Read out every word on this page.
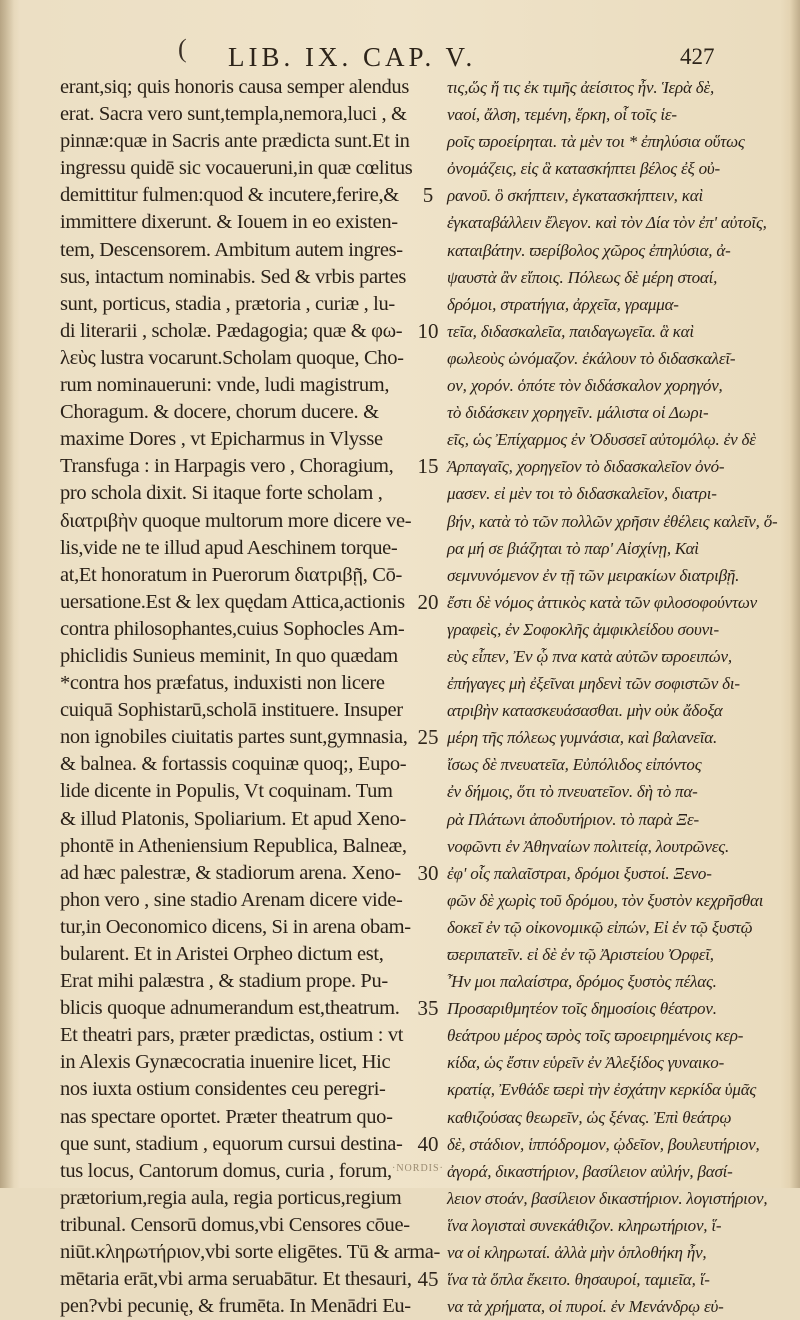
( LIB. IX. CAP. V.	427
erant,siq; quis honoris causa semper alendus
erat. Sacra vero sunt,templa,nemora,luci , &
pinnæ:quæ in Sacris ante prædicta sunt.Et in
ingressu quidē sic vocaueruni,in quæ cœlitus
demittitur fulmen:quod & incutere,ferire,&
immittere dixerunt. & Iouem in eo existen-
tem, Descensorem. Ambitum autem ingres-
sus, intactum nominabis. Sed & vrbis partes
sunt, porticus, stadia , prætoria , curiæ , lu-
di literarii , scholæ. Pædagogia; quæ & φω-
λεὺς lustra vocarunt.Scholam quoque, Cho-
rum nominaueruni: vnde, ludi magistrum,
Choragum. & docere, chorum ducere. &
maxime Dores , vt Epicharmus in Vlysse
Transfuga : in Harpagis vero , Choragium,
pro schola dixit. Si itaque forte scholam ,
διατριβὴν quoque multorum more dicere ve-
lis,vide ne te illud apud Aeschinem torque-
at,Et honoratum in Puerorum διατριβῇ, Cō-
uersatione.Est & lex quędam Attica,actionis
contra philosophantes,cuius Sophocles Am-
phiclidis Sunieus meminit, In quo quædam
*contra hos præfatus, induxisti non licere
cuiquā Sophistarū,scholā instituere. Insuper
non ignobiles ciuitatis partes sunt,gymnasia,
& balnea. & fortassis coquinæ quoq;, Eupo-
lide dicente in Populis, Vt coquinam. Tum
& illud Platonis, Spoliarium. Et apud Xeno-
phontē in Atheniensium Republica, Balneæ,
ad hæc palestræ, & stadiorum arena. Xeno-
phon vero , sine stadio Arenam dicere vide-
tur,in Oeconomico dicens, Si in arena obam-
bularent. Et in Aristei Orpheo dictum est,
Erat mihi palæstra , & stadium prope. Pu-
blicis quoque adnumerandum est,theatrum.
Et theatri pars, præter prædictas, ostium : vt
in Alexis Gynæcocratia inuenire licet, Hic
nos iuxta ostium considentes ceu peregri-
nas spectare oportet. Præter theatrum quo-
que sunt, stadium , equorum cursui destina-
tus locus, Cantorum domus, curia , forum,
prætorium,regia aula, regia porticus,regium
tribunal. Censorū domus,vbi Censores cōue-
niūt.κληρωτήριον,vbi sorte eligētes. Tū & arma-
mētaria erāt,vbi arma seruabātur. Et thesauri,
pen?vbi pecunię, & frumēta. In Menādri Eu-
5
10
15
20
25
30
35
40
45
τις,ὥς ἤ τις ἐκ τιμῆς ἀείσιτος ἦν. Ἱερὰ δὲ,
ναοί, ἄλση, τεμένη, ἕρκη, οἷ τοῖς ἱε-
ροῖς ϖροείρηται. τὰ μὲν τοι * ἐπηλύσια οὕτως
ὀνομάζεις, εἰς ἃ κατασκήπτει βέλος ἐξ οὐ-
ρανοῦ. ὃ σκήπτειν, ἐγκατασκήπτειν, καὶ
ἐγκαταβάλλειν ἔλεγον. καὶ τὸν Δία τὸν ἐπ' αὐτοῖς,
καταιβάτην. ϖερίβολος χῶρος ἐπηλύσια, ἀ-
ψαυστὰ ἂν εἴποις. Πόλεως δὲ μέρη στοαί,
δρόμοι, στρατήγια, ἀρχεῖα, γραμμα-
τεῖα, διδασκαλεῖα, παιδαγωγεῖα. ἃ καὶ
φωλεοὺς ὠνόμαζον. ἐκάλουν τὸ διδασκαλεῖ-
ον, χορόν. ὁπότε τὸν διδάσκαλον χορηγόν,
τὸ διδάσκειν χορηγεῖν. μάλιστα οἱ Δωρι-
εῖς, ὡς Ἐπίχαρμος ἐν Ὀδυσσεῖ αὐτομόλῳ. ἐν δὲ
Ἁρπαγαῖς, χορηγεῖον τὸ διδασκαλεῖον ὀνό-
μασεν. εἰ μὲν τοι τὸ διδασκαλεῖον, διατρι-
βήν, κατὰ τὸ τῶν πολλῶν χρῆσιν ἐθέλεις καλεῖν, ὅ-
ρα μή σε βιάζηται τὸ παρ' Αἰσχίνῃ, Καὶ
σεμνυνόμενον ἐν τῇ τῶν μειρακίων διατριβῇ.
ἔστι δὲ νόμος ἀττικὸς κατὰ τῶν φιλοσοφούντων
γραφεὶς, ἐν Σοφοκλῆς ἀμφικλείδου σουνι-
εὺς εἶπεν, Ἐν ᾧ πνα κατὰ αὐτῶν ϖροειπών,
ἐπήγαγες μὴ ἐξεῖναι μηδενὶ τῶν σοφιστῶν δι-
ατριβὴν κατασκευάσασθαι. μὴν οὐκ ἄδοξα
μέρη τῆς πόλεως γυμνάσια, καὶ βαλανεῖα.
ἴσως δὲ πνευατεῖα, Εὐπόλιδος εἰπόντος
ἐν δήμοις, ὅτι τὸ πνευατεῖον. δὴ τὸ πα-
ρὰ Πλάτωνι ἀποδυτήριον. τὸ παρὰ Ξε-
νοφῶντι ἐν Ἀθηναίων πολιτείᾳ, λουτρῶνες.
ἐφ' οἷς παλαῖστραι, δρόμοι ξυστοί. Ξενο-
φῶν δὲ χωρὶς τοῦ δρόμου, τὸν ξυστὸν κεχρῆσθαι
δοκεῖ ἐν τῷ οἰκονομικῷ εἰπών, Εἰ ἐν τῷ ξυστῷ
ϖεριπατεῖν. εἰ δὲ ἐν τῷ Ἀριστείου Ὀρφεῖ,
Ἦν μοι παλαίστρα, δρόμος ξυστὸς πέλας.
Προσαριθμητέον τοῖς δημοσίοις θέατρον.
θεάτρου μέρος ϖρὸς τοῖς ϖροειρημένοις κερ-
κίδα, ὡς ἔστιν εὑρεῖν ἐν Ἀλεξίδος γυναικο-
κρατίᾳ, Ἐνθάδε ϖερὶ τὴν ἐσχάτην κερκίδα ὑμᾶς
καθιζούσας θεωρεῖν, ὡς ξένας. Ἐπὶ θεάτρῳ
δὲ, στάδιον, ἱππόδρομον, ᾠδεῖον, βουλευτήριον,
ἀγορά, δικαστήριον, βασίλειον αὐλήν, βασί-
λειον στοάν, βασίλειον δικαστήριον. λογιστήριον,
ἵνα λογισταὶ συνεκάθιζον. κληρωτήριον, ἵ-
να οἱ κληρωταί. ἀλλὰ μὴν ὁπλοθήκη ἦν,
ἵνα τὰ ὅπλα ἔκειτο. θησαυροί, ταμιεῖα, ἵ-
να τὰ χρήματα, οἱ πυροί. ἐν Μενάνδρῳ εὐ-
·NORDIS·
